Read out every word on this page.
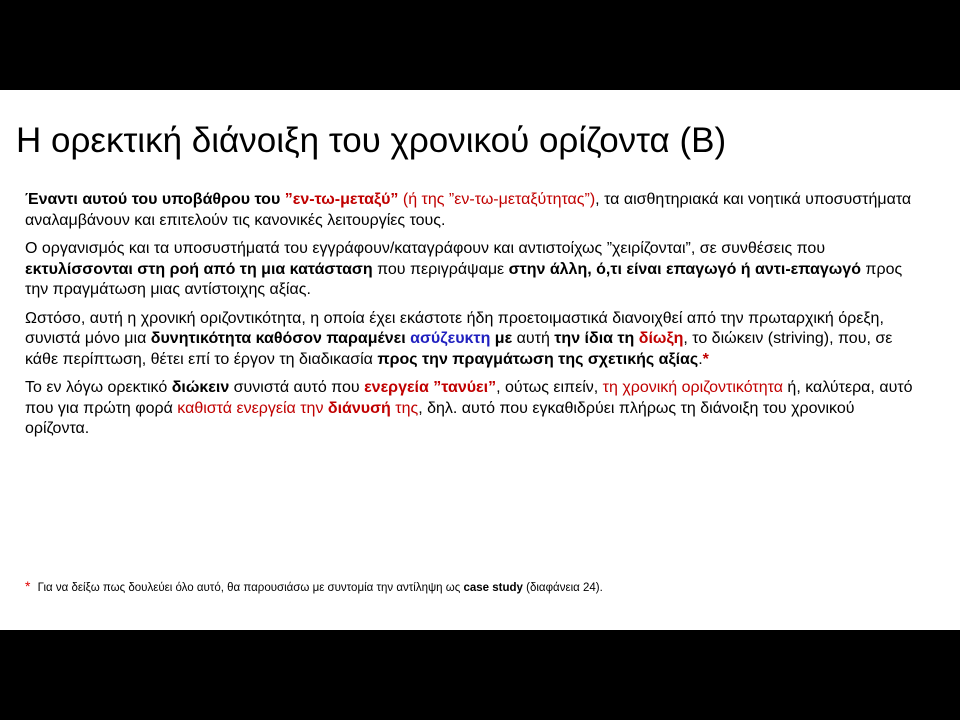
Η ορεκτική διάνοιξη του χρονικού ορίζοντα (Β)

Έναντι αυτού του υποβάθρου του ”εν-τω-μεταξύ” (ή της ”εν-τω-μεταξύτητας”), τα αισθητηριακά και νοητικά υποσυστήματα αναλαμβάνουν και επιτελούν τις κανονικές λειτουργίες τους.

Ο οργανισμός και τα υποσυστήματά του εγγράφουν/καταγράφουν και αντιστοίχως ”χειρίζονται”, σε συνθέσεις που εκτυλίσσονται στη ροή από τη μια κατάσταση που περιγράψαμε στην άλλη, ό,τι είναι επαγωγό ή αντι-επαγωγό προς την πραγμάτωση μιας αντίστοιχης αξίας.

Ωστόσο, αυτή η χρονική οριζοντικότητα, η οποία έχει εκάστοτε ήδη προετοιμαστικά διανοιχθεί από την πρωταρχική όρεξη, συνιστά μόνο μια δυνητικότητα καθόσον παραμένει ασύζευκτη με αυτή την ίδια τη δίωξη, το διώκειν (striving), που, σε κάθε περίπτωση, θέτει επί το έργον τη διαδικασία προς την πραγμάτωση της σχετικής αξίας.*

Το εν λόγω ορεκτικό διώκειν συνιστά αυτό που ενεργεία ”τανύει”, ούτως ειπείν, τη χρονική οριζοντικότητα ή, καλύτερα, αυτό που για πρώτη φορά καθιστά ενεργεία την διάνυσή της, δηλ. αυτό που εγκαθιδρύει πλήρως τη διάνοιξη του χρονικού ορίζοντα.

* Για να δείξω πως δουλεύει όλο αυτό, θα παρουσιάσω με συντομία την αντίληψη ως case study (διαφάνεια 24).
